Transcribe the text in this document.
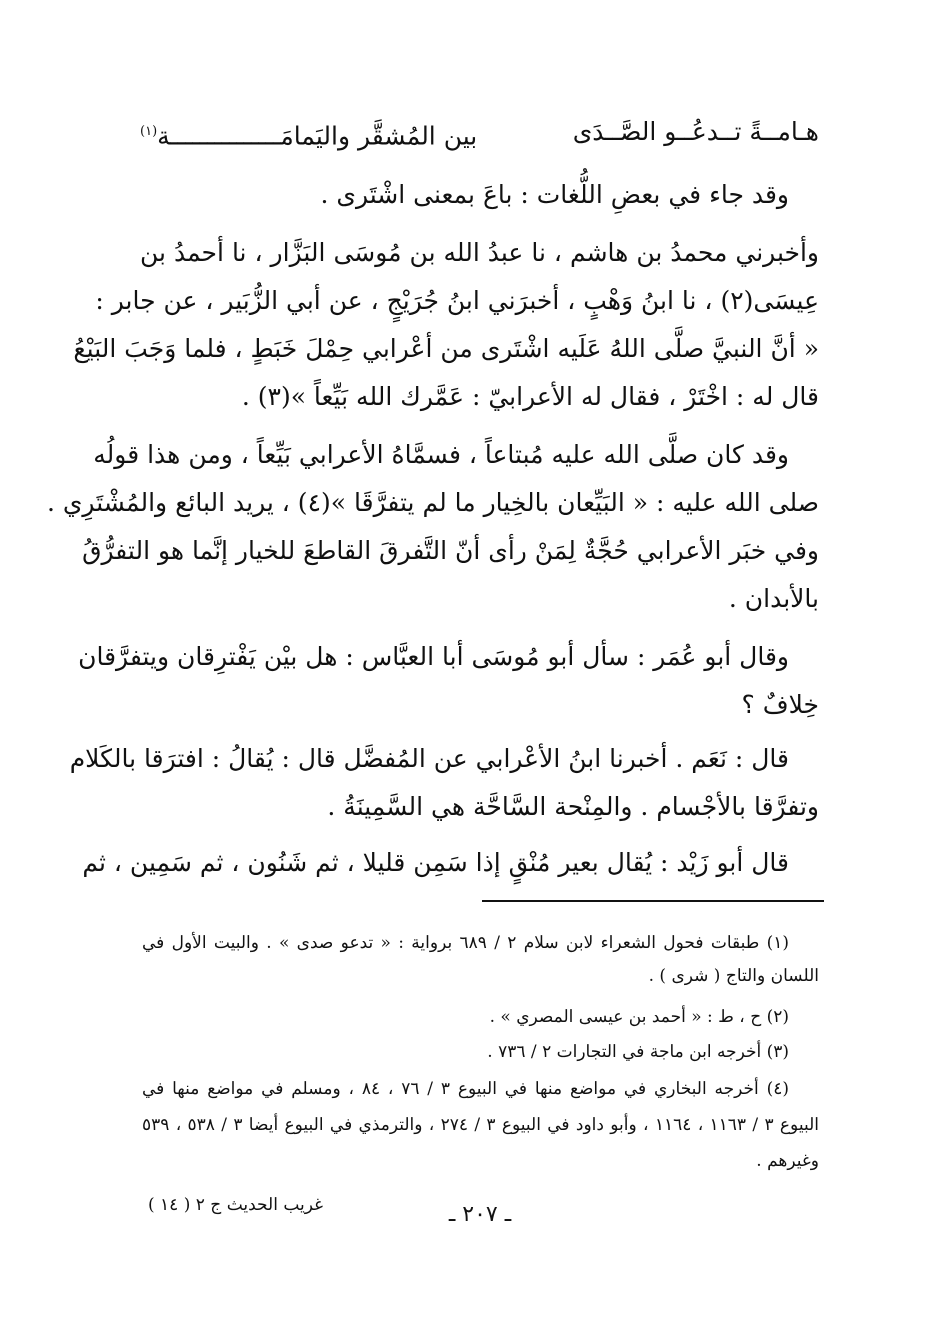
هـامــةً تــدعُــو الصَّــدَى
بين المُشقَّر واليَمامَـــــــــــــــة$^{(١)}$
وقد جاء في بعضِ اللُّغات : باعَ بمعنى اشْتَرى .
وأخبرني محمدُ بن هاشم ، نا عبدُ الله بن مُوسَى البَزَّار ، نا أحمدُ بن
عِيسَى(٢) ، نا ابنُ وَهْبٍ ، أخبرَني ابنُ جُرَيْجٍ ، عن أبي الزُّبَير ، عن جابر :
« أنَّ النبيَّ صلَّى اللهُ عَلَيه اشْتَرى من أعْرابي حِمْلَ خَبَطٍ ، فلما وَجَبَ البَيْعُ
قال له : اخْتَرْ ، فقال له الأعرابيّ : عَمَّرك الله بَيِّعاً »(٣) .
وقد كان صلَّى الله عليه مُبتاعاً ، فسمَّاهُ الأعرابي بَيِّعاً ، ومن هذا قولُه
صلى الله عليه : « البَيِّعان بالخِيار ما لم يتفرَّقَا »(٤) ، يريد البائع والمُشْتَرِي .
وفي خبَر الأعرابي حُجَّةٌ لِمَنْ رأى أنّ التَّفرقَ القاطعَ للخيار إنَّما هو التفرُّقُ
بالأبدان .
وقال أبو عُمَر : سأل أبو مُوسَى أبا العبَّاس : هل بيْن يَفْترِقان ويتفرَّقان
خِلافٌ ؟
قال : نَعَم . أخبرنا ابنُ الأعْرابي عن المُفضَّل قال : يُقالُ : افترَقا بالكَلام
وتفرَّقا بالأجْسام . والمِنْحة السَّاحَّة هي السَّمِينَةُ .
قال أبو زَيْد : يُقال بعير مُنْقٍ إذا سَمِن قليلا ، ثم شَنُون ، ثم سَمِين ، ثم
(١) طبقات فحول الشعراء لابن سلام ٢ / ٦٨٩ برواية : « تدعو صدى » . والبيت الأول في
اللسان والتاج ( شرى ) .
(٢) ح ، ط : « أحمد بن عيسى المصري » .
(٣) أخرجه ابن ماجة في التجارات ٢ / ٧٣٦ .
(٤) أخرجه البخاري في مواضع منها في البيوع ٣ / ٧٦ ، ٨٤ ، ومسلم في مواضع منها في
البيوع ٣ / ١١٦٣ ، ١١٦٤ ، وأبو داود في البيوع ٣ / ٢٧٤ ، والترمذي في البيوع أيضا ٣ / ٥٣٨ ، ٥٣٩
وغيرهم .
ـ ٢٠٧ ـ
غريب الحديث ج ٢ ( ١٤ )
